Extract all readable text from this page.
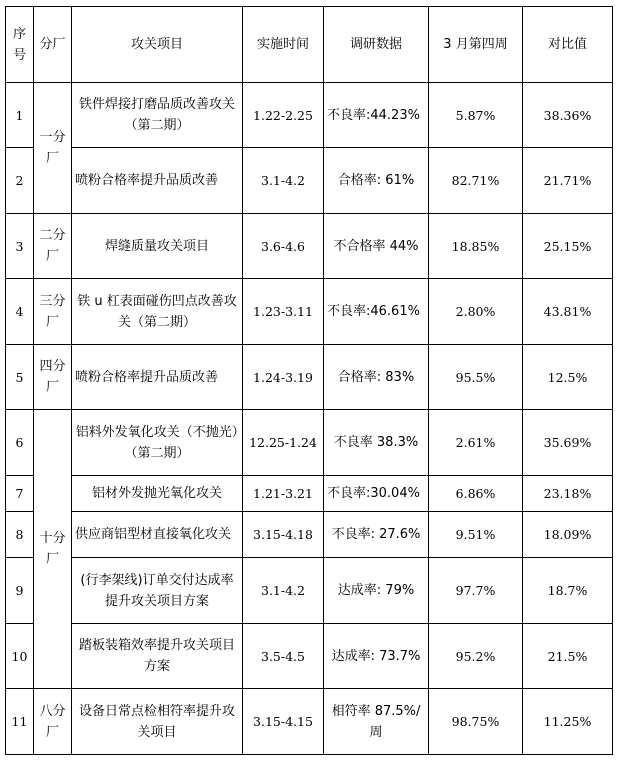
序号	分厂	攻关项目	实施时间	调研数据	3 月第四周	对比值
1	一分厂	铁件焊接打磨品质改善攻关（第二期）	1.22-2.25	不良率:44.23%	5.87%	38.36%
2		喷粉合格率提升品质改善	3.1-4.2	合格率: 61%	82.71%	21.71%
3	二分厂	焊缝质量攻关项目	3.6-4.6	不合格率 44%	18.85%	25.15%
4	三分厂	铁 u 杠表面碰伤凹点改善攻关（第二期）	1.23-3.11	不良率:46.61%	2.80%	43.81%
5	四分厂	喷粉合格率提升品质改善	1.24-3.19	合格率: 83%	95.5%	12.5%
6	十分厂	铝料外发氧化攻关（不抛光）（第二期）	12.25-1.24	不良率 38.3%	2.61%	35.69%
7		铝材外发抛光氧化攻关	1.21-3.21	不良率:30.04%	6.86%	23.18%
8		供应商铝型材直接氧化攻关	3.15-4.18	不良率: 27.6%	9.51%	18.09%
9		(行李架线)订单交付达成率提升攻关项目方案	3.1-4.2	达成率: 79%	97.7%	18.7%
10		踏板装箱效率提升攻关项目方案	3.5-4.5	达成率: 73.7%	95.2%	21.5%
11	八分厂	设备日常点检相符率提升攻关项目	3.15-4.15	相符率 87.5%/周	98.75%	11.25%
